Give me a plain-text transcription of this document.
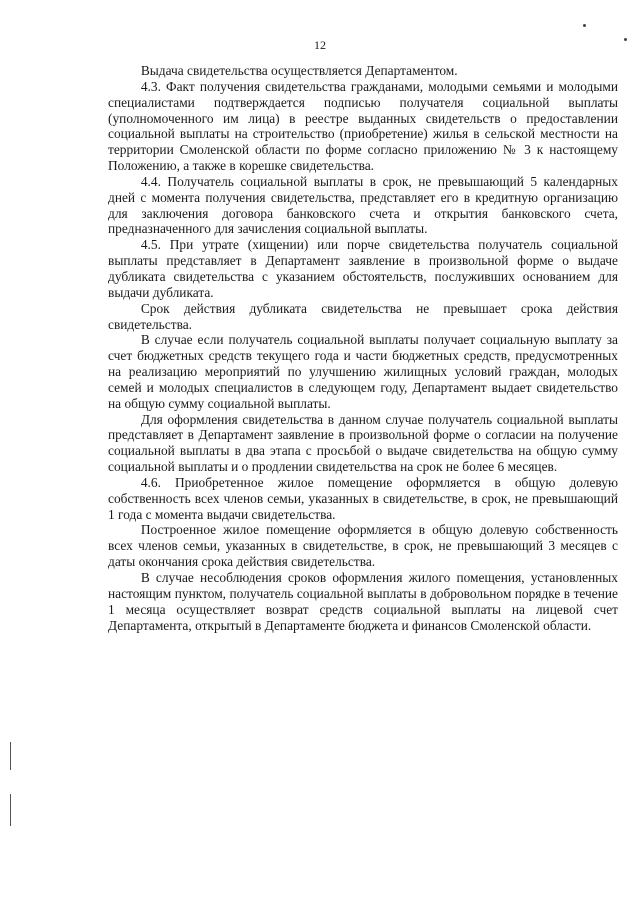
12

Выдача свидетельства осуществляется Департаментом.

4.3. Факт получения свидетельства гражданами, молодыми семьями и молодыми специалистами подтверждается подписью получателя социальной выплаты (уполномоченного им лица) в реестре выданных свидетельств о предоставлении социальной выплаты на строительство (приобретение) жилья в сельской местности на территории Смоленской области по форме согласно приложению № 3 к настоящему Положению, а также в корешке свидетельства.

4.4. Получатель социальной выплаты в срок, не превышающий 5 календарных дней с момента получения свидетельства, представляет его в кредитную организацию для заключения договора банковского счета и открытия банковского счета, предназначенного для зачисления социальной выплаты.

4.5. При утрате (хищении) или порче свидетельства получатель социальной выплаты представляет в Департамент заявление в произвольной форме о выдаче дубликата свидетельства с указанием обстоятельств, послуживших основанием для выдачи дубликата.

Срок действия дубликата свидетельства не превышает срока действия свидетельства.

В случае если получатель социальной выплаты получает социальную выплату за счет бюджетных средств текущего года и части бюджетных средств, предусмотренных на реализацию мероприятий по улучшению жилищных условий граждан, молодых семей и молодых специалистов в следующем году, Департамент выдает свидетельство на общую сумму социальной выплаты.

Для оформления свидетельства в данном случае получатель социальной выплаты представляет в Департамент заявление в произвольной форме о согласии на получение социальной выплаты в два этапа с просьбой о выдаче свидетельства на общую сумму социальной выплаты и о продлении свидетельства на срок не более 6 месяцев.

4.6. Приобретенное жилое помещение оформляется в общую долевую собственность всех членов семьи, указанных в свидетельстве, в срок, не превышающий 1 года с момента выдачи свидетельства.

Построенное жилое помещение оформляется в общую долевую собственность всех членов семьи, указанных в свидетельстве, в срок, не превышающий 3 месяцев с даты окончания срока действия свидетельства.

В случае несоблюдения сроков оформления жилого помещения, установленных настоящим пунктом, получатель социальной выплаты в добровольном порядке в течение 1 месяца осуществляет возврат средств социальной выплаты на лицевой счет Департамента, открытый в Департаменте бюджета и финансов Смоленской области.
